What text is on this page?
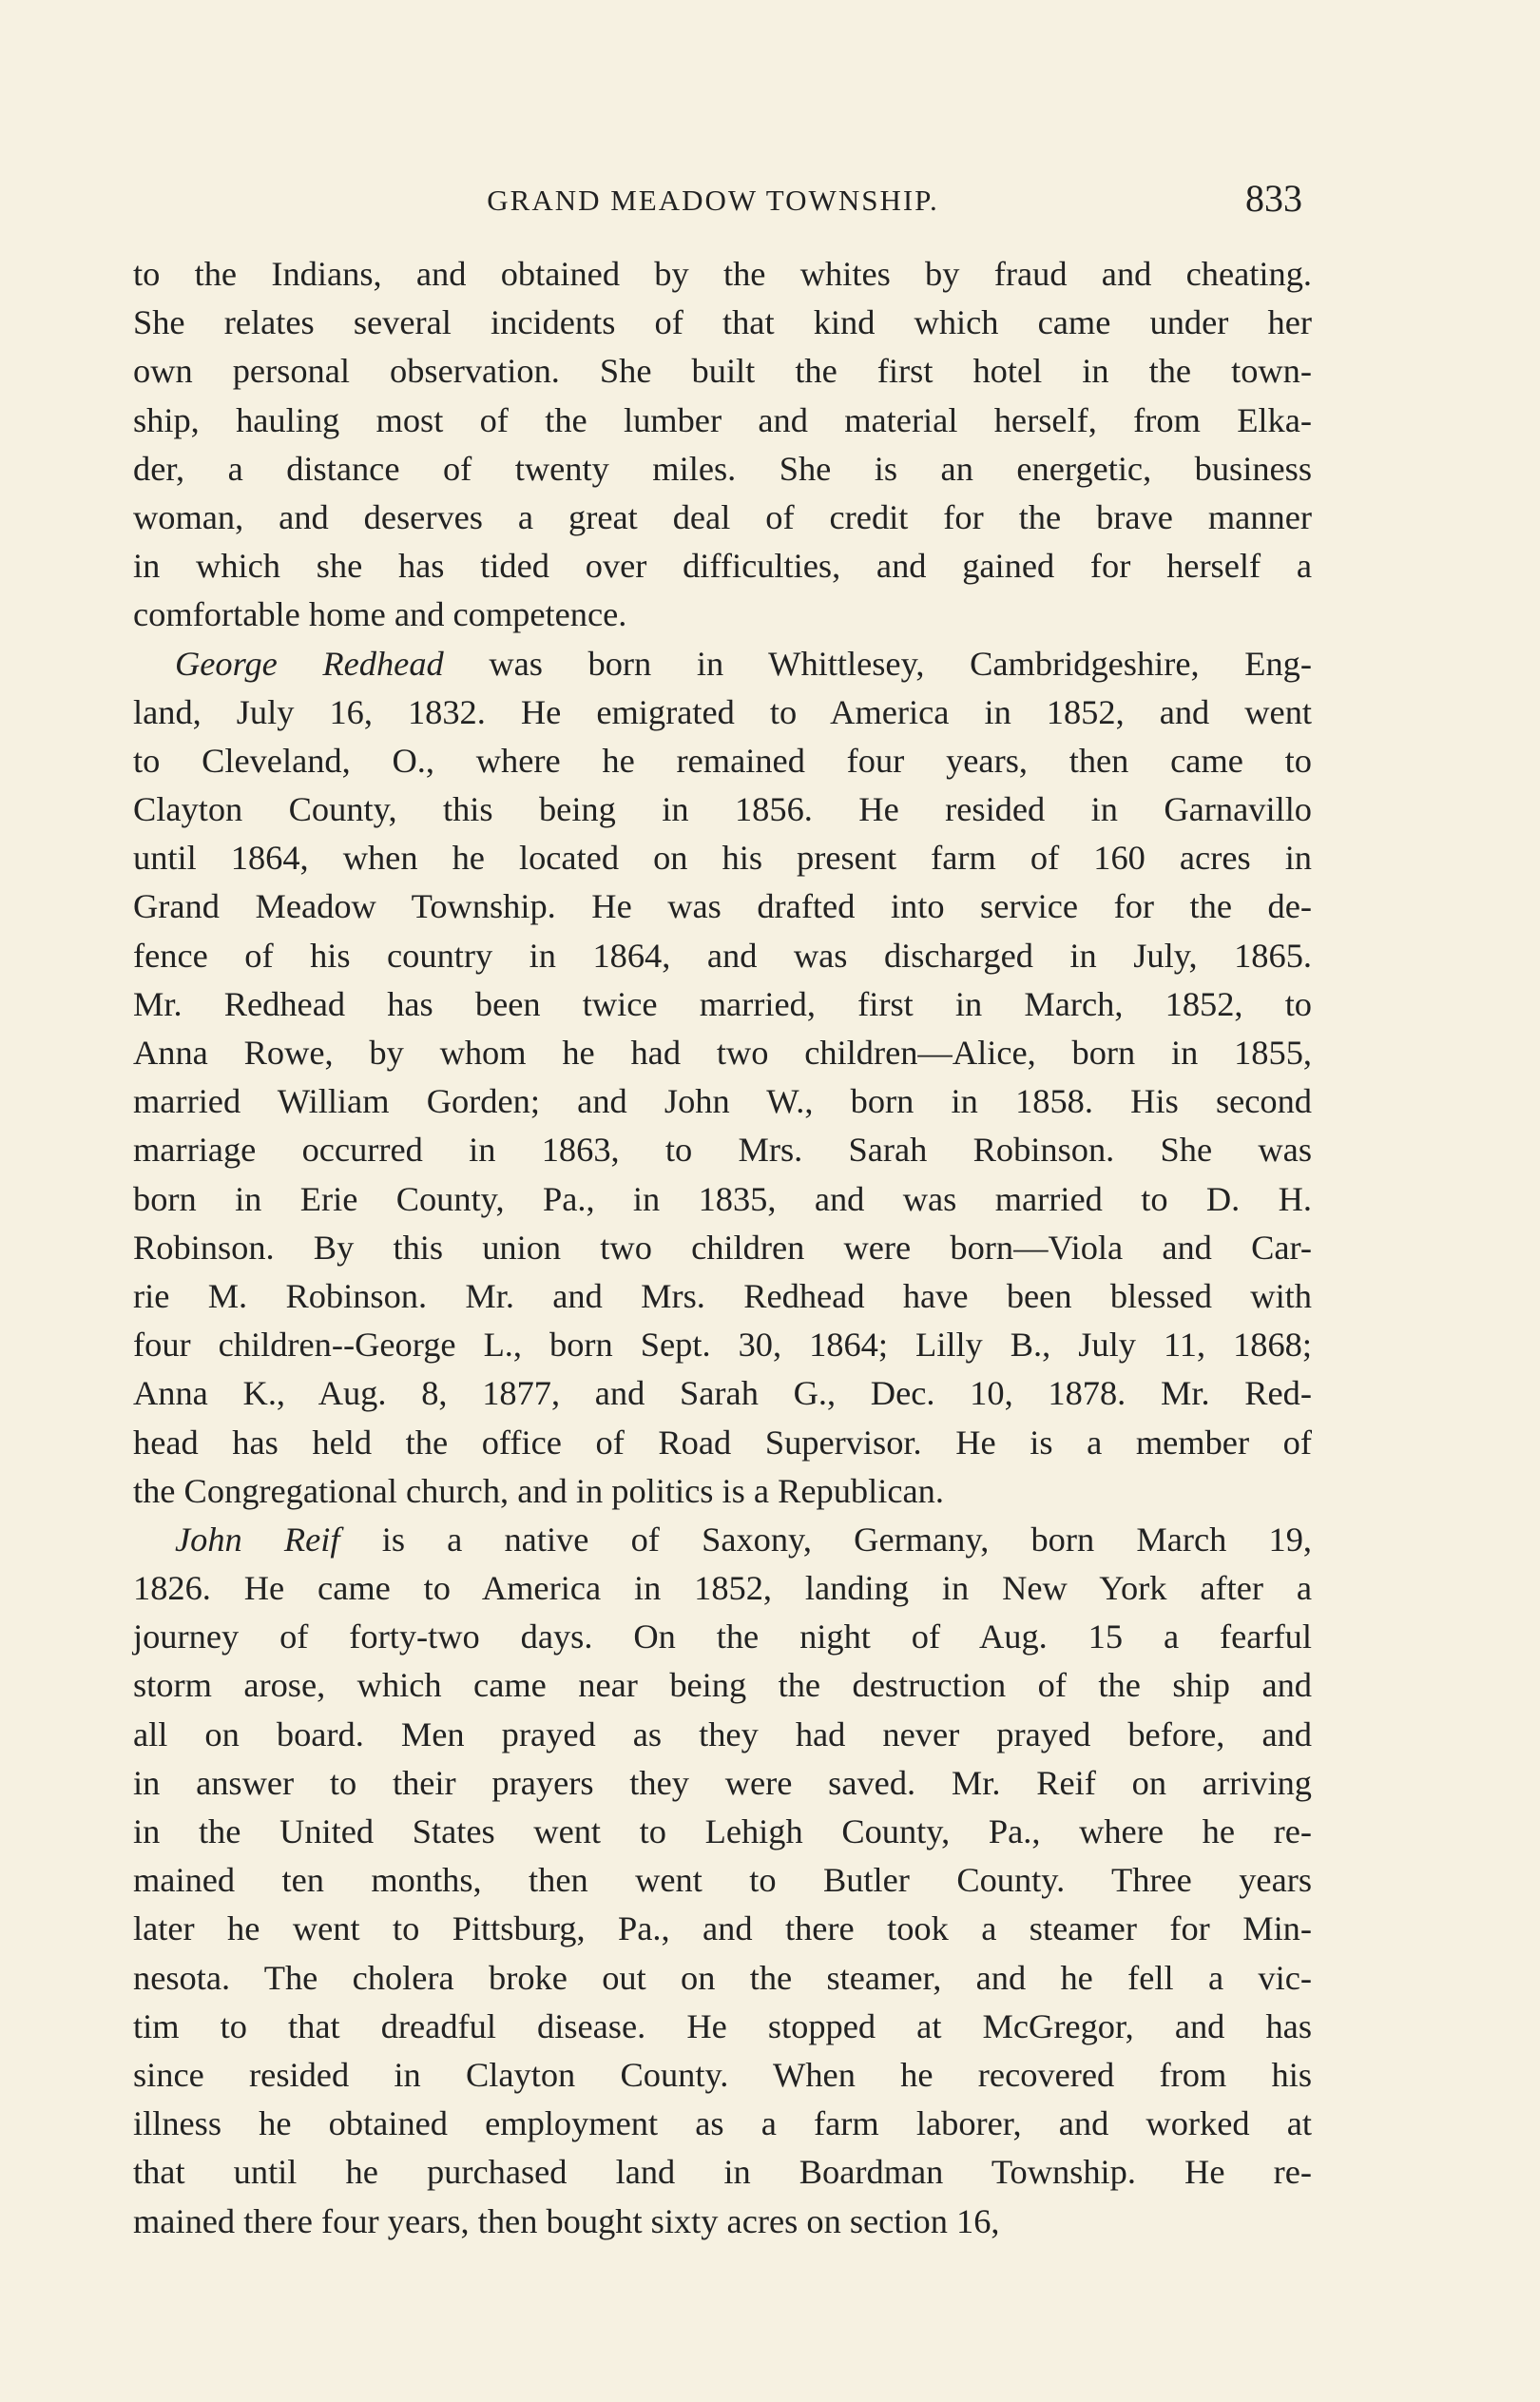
GRAND MEADOW TOWNSHIP.	833
to the Indians, and obtained by the whites by fraud and cheating.
She relates several incidents of that kind which came under her
own personal observation. She built the first hotel in the town-
ship, hauling most of the lumber and material herself, from Elka-
der, a distance of twenty miles. She is an energetic, business
woman, and deserves a great deal of credit for the brave manner
in which she has tided over difficulties, and gained for herself a
comfortable home and competence.
George Redhead was born in Whittlesey, Cambridgeshire, Eng-
land, July 16, 1832. He emigrated to America in 1852, and went
to Cleveland, O., where he remained four years, then came to
Clayton County, this being in 1856. He resided in Garnavillo
until 1864, when he located on his present farm of 160 acres in
Grand Meadow Township. He was drafted into service for the de-
fence of his country in 1864, and was discharged in July, 1865.
Mr. Redhead has been twice married, first in March, 1852, to
Anna Rowe, by whom he had two children—Alice, born in 1855,
married William Gorden; and John W., born in 1858. His second
marriage occurred in 1863, to Mrs. Sarah Robinson. She was
born in Erie County, Pa., in 1835, and was married to D. H.
Robinson. By this union two children were born—Viola and Car-
rie M. Robinson. Mr. and Mrs. Redhead have been blessed with
four children--George L., born Sept. 30, 1864; Lilly B., July 11, 1868;
Anna K., Aug. 8, 1877, and Sarah G., Dec. 10, 1878. Mr. Red-
head has held the office of Road Supervisor. He is a member of
the Congregational church, and in politics is a Republican.
John Reif is a native of Saxony, Germany, born March 19,
1826. He came to America in 1852, landing in New York after a
journey of forty-two days. On the night of Aug. 15 a fearful
storm arose, which came near being the destruction of the ship and
all on board. Men prayed as they had never prayed before, and
in answer to their prayers they were saved. Mr. Reif on arriving
in the United States went to Lehigh County, Pa., where he re-
mained ten months, then went to Butler County. Three years
later he went to Pittsburg, Pa., and there took a steamer for Min-
nesota. The cholera broke out on the steamer, and he fell a vic-
tim to that dreadful disease. He stopped at McGregor, and has
since resided in Clayton County. When he recovered from his
illness he obtained employment as a farm laborer, and worked at
that until he purchased land in Boardman Township. He re-
mained there four years, then bought sixty acres on section 16,
